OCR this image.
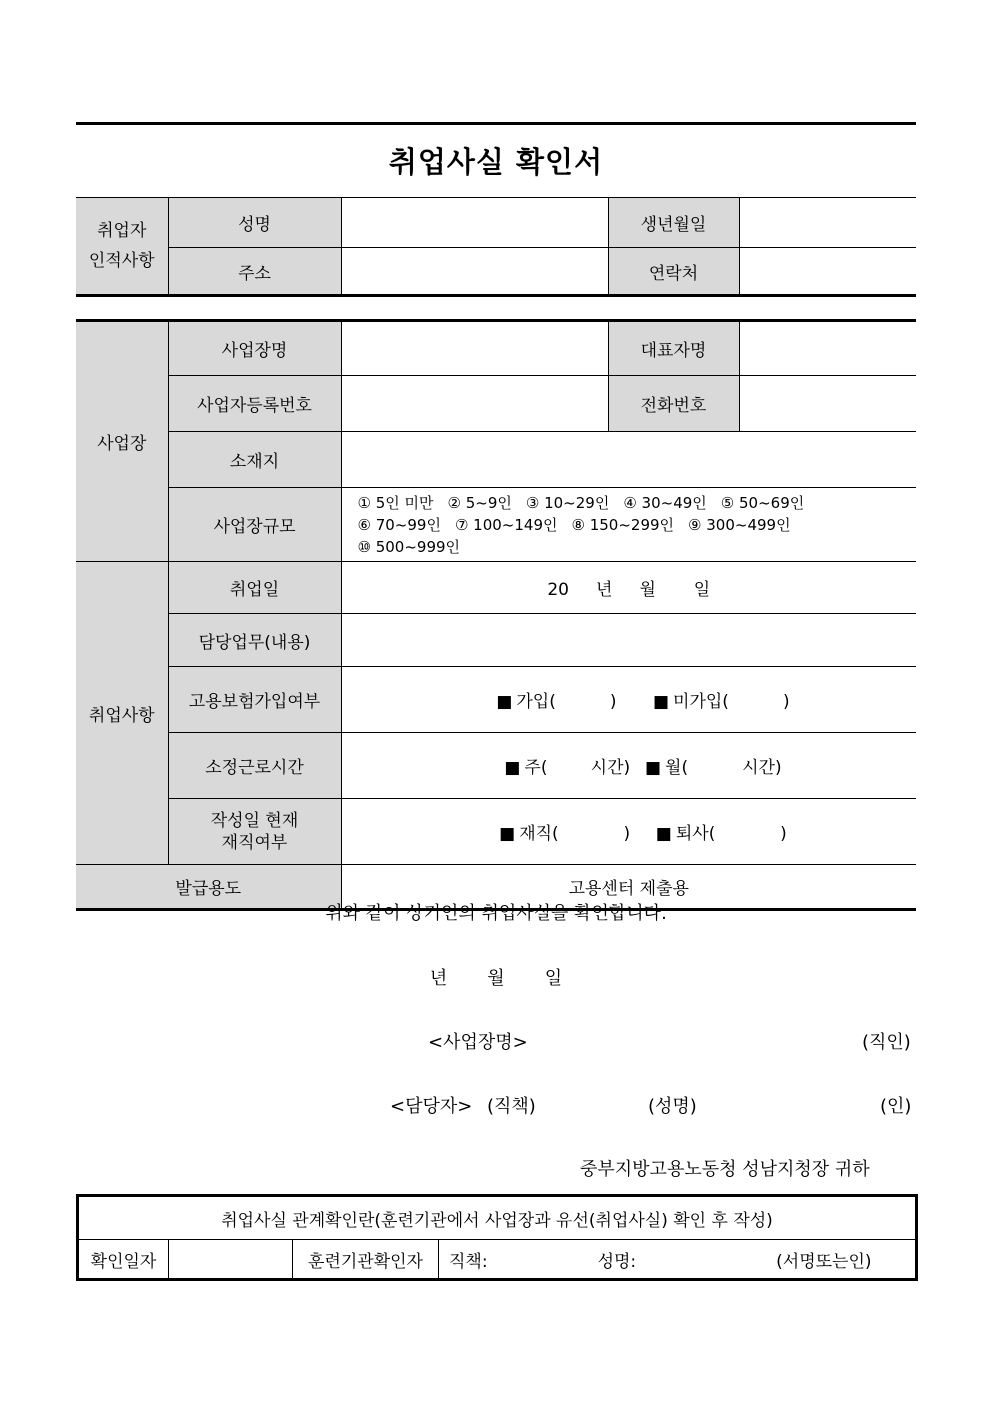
취업사실 확인서
취업자
인적사항	성명		생년월일	
	주소		연락처	
사업장	사업장명		대표자명	
	사업자등록번호		전화번호	
	소재지			
	사업장규모	① 5인 미만 ② 5~9인 ③ 10~29인 ④ 30~49인 ⑤ 50~69인
⑥ 70~99인 ⑦ 100~149인 ⑧ 150~299인 ⑨ 300~499인
⑩ 500~999인		
취업사항	취업일	20     년     월       일		
	담당업무(내용)			
	고용보험가입여부	■ 가입(          ) ■ 미가입(          )		

	소정근로시간	■ 주(        시간) ■ 월(          시간)		

	작성일 현재
재직여부	■ 재직(            ) ■ 퇴사(            )		

발급용도		고용센터 제출용		
위와 같이 상기인의 취업사실을 확인합니다.
년       월       일
<사업장명>	(직인)
<담당자> (직책)	(성명)	(인)
중부지방고용노동청 성남지청장 귀하
취업사실 관계확인란(훈련기관에서 사업장과 유선(취업사실) 확인 후 작성)
확인일자		훈련기관확인자	직책:	성명:	(서명또는인)
